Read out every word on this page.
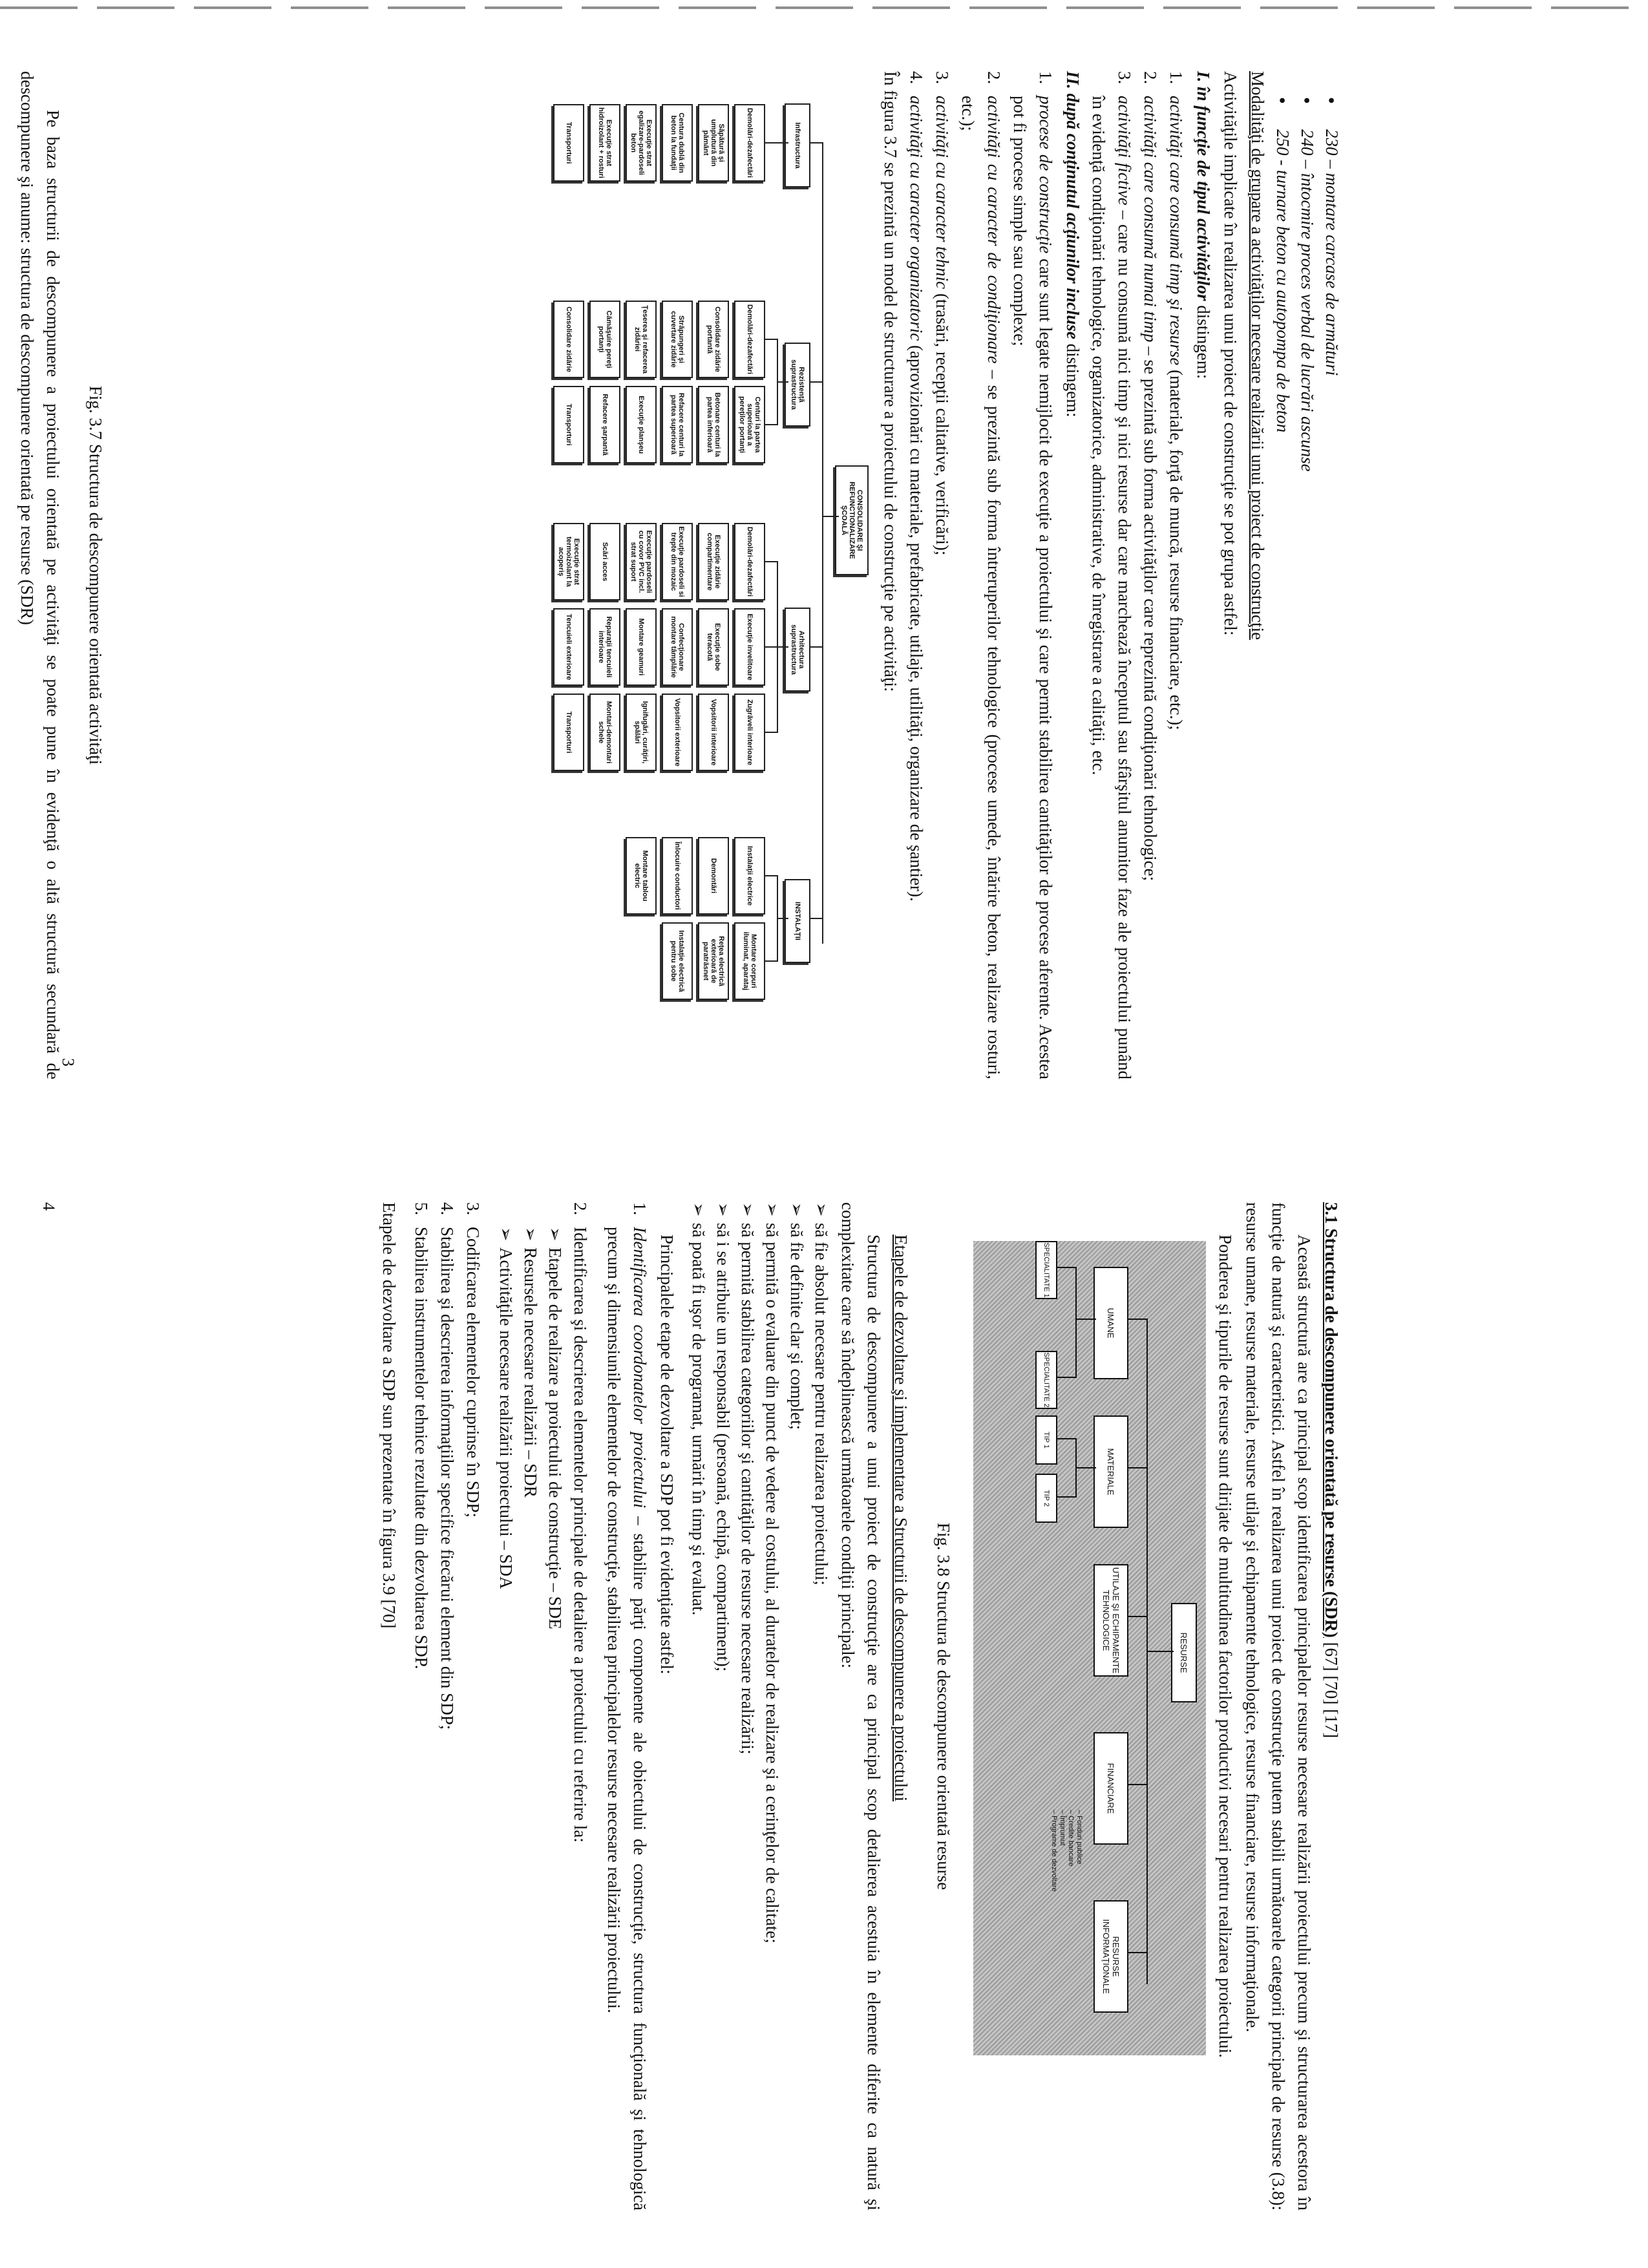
● 230 – montare carcase de armături
● 240 – întocmire proces verbal de lucrări ascunse
● 250 - turnare beton cu autopompa de beton

Modalităţi de grupare a activităţilor necesare realizării unui proiect de construcţie

Activităţile implicate în realizarea unui proiect de construcţie se pot grupa astfel:

I. în funcţie de tipul activităţilor distingem:

1.
activităţi care consumă timp şi resurse (materiale, forţă de muncă, resurse financiare, etc.);
2.
activităţi care consumă numai timp – se prezintă sub forma activităţilor care reprezintă condiţionări tehnologice;
3.
activităţi fictive – care nu consumă nici timp şi nici resurse dar care marchează începutul sau sfârşitul anumitor faze ale proiectului punând în evidenţă condiţionări tehnologice, organizatorice, administrative, de înregistrare a calităţii, etc.

II. după conţinutul acţiunilor incluse distingem:

1.
procese de construcţie care sunt legate nemijlocit de execuţie a proiectului şi care permit stabilirea cantităţilor de procese aferente. Acestea pot fi procese simple sau complexe;
2.
activităţi cu caracter de condiţionare – se prezintă sub forma întreruperilor tehnologice (procese umede, întărire beton, realizare rosturi, etc.);
3.
activităţi cu caracter tehnic (trasări, recepţii calitative, verificări);
4.
activităţi cu caracter organizatoric (aprovizionări cu materiale, prefabricate, utilaje, utilităţi, organizare de şantier).

În figura 3.7 se prezintă un model de structurare a proiectului de construcţie pe activităţi:

CONSOLIDARE ŞI REFUNCTIONALIZARE ŞCOALĂ
Infrastructura
Demolări-dezafectări
Săpătură şi umplutură din pământ
Centura dublă din beton la fundaţii
Execuţie strat egalizare-pardoseli beton
Execuţie strat hidroizolant + rosturi
Transporturi
Rezistenţă suprastructura
Demolări-dezafectări
Consolidare zidărie portantă
Străpungeri şi cuvertare zidărie
Ţeserea şi refacerea zidăriei
Cămăşuire pereţi portanţi
Consolidare zidărie
Centuri la partea superioară a pereţilor portanţi
Betonare centuri la partea inferioară
Refacere centuri la partea superioară
Execuţie planşeu
Refacere şarpantă
Transporturi
Arhitectura suprastructura
Demolări-dezafectări
Execuţie zidărie compartimentare
Execuţie pardoseli si trepte din mozaic
Execuţie pardoseli cu covor PVC incl. strat suport
Scări acces
Execuţie strat termoizolant la acoperiş
Execuţie invelitoare
Execuţie sobe teracotă
Confecţionare montare tâmplărie
Montare geamuri
Reparaţii tencuieli interioare
Tencuieli exterioare
Zugrăveli interioare
Vopsitorii interioare
Vopsitorii exterioare
Ignifugări, curăţiri, spălări
Montari-demontari schele
Transporturi
INSTALAŢII
Instalaţii electrice
Demontări
Înlocuire conductori
Montare tablou electric
Montare corpuri iluminat, aparataj
Reţea electrică exterioară de paratrăsnet
Instalaţie electrică pentru sobe

Fig. 3.7 Structura de descompunere orientată activităţi

Pe baza structurii de descompunere a proiectului orientată pe activităţi se poate pune în evidenţă o altă structură secundară de descompunere şi anume: structura de descompunere orientată pe resurse (SDR)

3

3.1 Structura de descompunere orientată pe resurse (SDR) [67] [70] [17]

Această structură are ca principal scop identificarea principalelor resurse necesare realizării proiectului precum şi structurarea acestora în funcţie de natură şi caracteristici. Astfel în realizarea unui proiect de construcţie putem stabili următoarele categorii principale de resurse (3.8): resurse umane, resurse materiale, resurse utilaje şi echipamente tehnologice, resurse financiare, resurse informaţionale.

Ponderea şi tipurile de resurse sunt dirijate de multitudinea factorilor productivi necesari pentru realizarea proiectului.

RESURSE
UMANE
MATERIALE
UTILAJE ŞI ECHIPAMENTE TEHNOLOGICE
FINANCIARE
RESURSE INFORMAŢIONALE
SPECIALITATE 1
SPECIALITATE 2
TIP 1
TIP 2
– Fonduri publice
– Credite bancare
– Împrumut
– Programe de dezvoltare

Fig. 3.8 Structura de descompunere orientată resurse

Etapele de dezvoltare şi implementare a Structurii de descompunere a proiectului

Structura de descompunere a unui proiect de construcţie are ca principal scop detalierea acestuia în elemente diferite ca natură şi complexitate care să îndeplinească următoarele condiţii principale:

➢ să fie absolut necesare pentru realizarea proiectului;
➢ să fie definite clar şi complet;
➢ să permită o evaluare din punct de vedere al costului, al duratelor de realizare şi a cerinţelor de calitate;
➢ să permită stabilirea categoriilor şi cantităţilor de resurse necesare realizării;
➢ să i se atribuie un responsabil (persoană, echipă, compartiment);
➢ să poată fi uşor de programat, urmărit în timp şi evaluat.

Principalele etape de dezvoltare a SDP pot fi evidenţiate astfel:

1.
Identificarea coordonatelor proiectului – stabilire părţi componente ale obiectului de construcţie, structura funcţională şi tehnologică precum şi dimensiunile elementelor de construcţie, stabilirea principalelor resurse necesare realizării proiectului.
2.
Identificarea şi descrierea elementelor principale de detaliere a proiectului cu referire la:
➢ Etapele de realizare a proiectului de construcţie – SDE
➢ Resursele necesare realizării – SDR
➢ Activităţile necesare realizării proiectului – SDA
3.
Codificarea elementelor cuprinse în SDP;
4.
Stabilirea şi descrierea informaţiilor specifice fiecărui element din SDP;
5.
Stabilirea instrumentelor tehnice rezultate din dezvoltarea SDP.

Etapele de dezvoltare a SDP sun prezentate în figura 3.9 [70]

4
